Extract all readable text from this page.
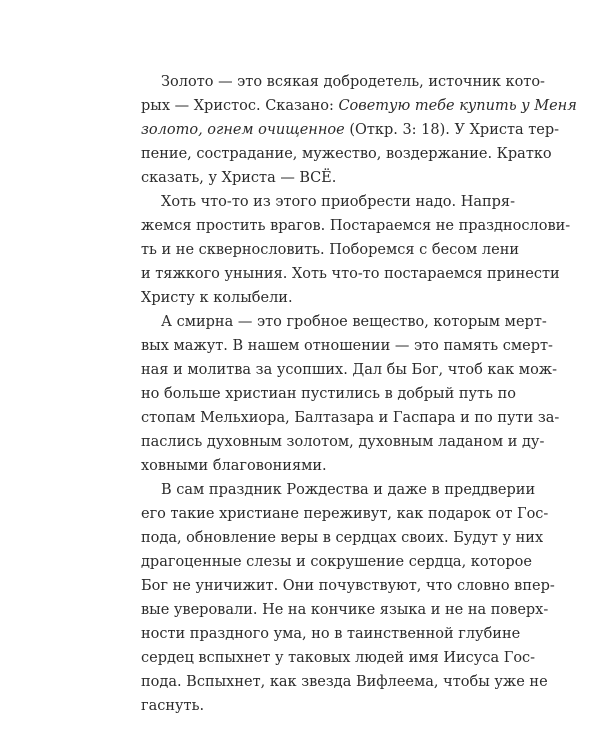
Золото — это всякая добродетель, источник кото-
рых — Христос. Сказано: Советую тебе купить у Меня
золото, огнем очищенное (Откр. 3: 18). У Христа тер-
пение, сострадание, мужество, воздержание. Кратко
сказать, у Христа — ВСЁ.
Хоть что-то из этого приобрести надо. Напря-
жемся простить врагов. Постараемся не празднослови-
ть и не сквернословить. Поборемся с бесом лени
и тяжкого уныния. Хоть что-то постараемся принести
Христу к колыбели.
А смирна — это гробное вещество, которым мерт-
вых мажут. В нашем отношении — это память смерт-
ная и молитва за усопших. Дал бы Бог, чтоб как мож-
но больше христиан пустились в добрый путь по
стопам Мельхиора, Балтазара и Гаспара и по пути за-
паслись духовным золотом, духовным ладаном и ду-
ховными благовониями.
В сам праздник Рождества и даже в преддверии
его такие христиане переживут, как подарок от Гос-
пода, обновление веры в сердцах своих. Будут у них
драгоценные слезы и сокрушение сердца, которое
Бог не уничижит. Они почувствуют, что словно впер-
вые уверовали. Не на кончике языка и не на поверх-
ности праздного ума, но в таинственной глубине
сердец вспыхнет у таковых людей имя Иисуса Гос-
пода. Вспыхнет, как звезда Вифлеема, чтобы уже не
гаснуть.
